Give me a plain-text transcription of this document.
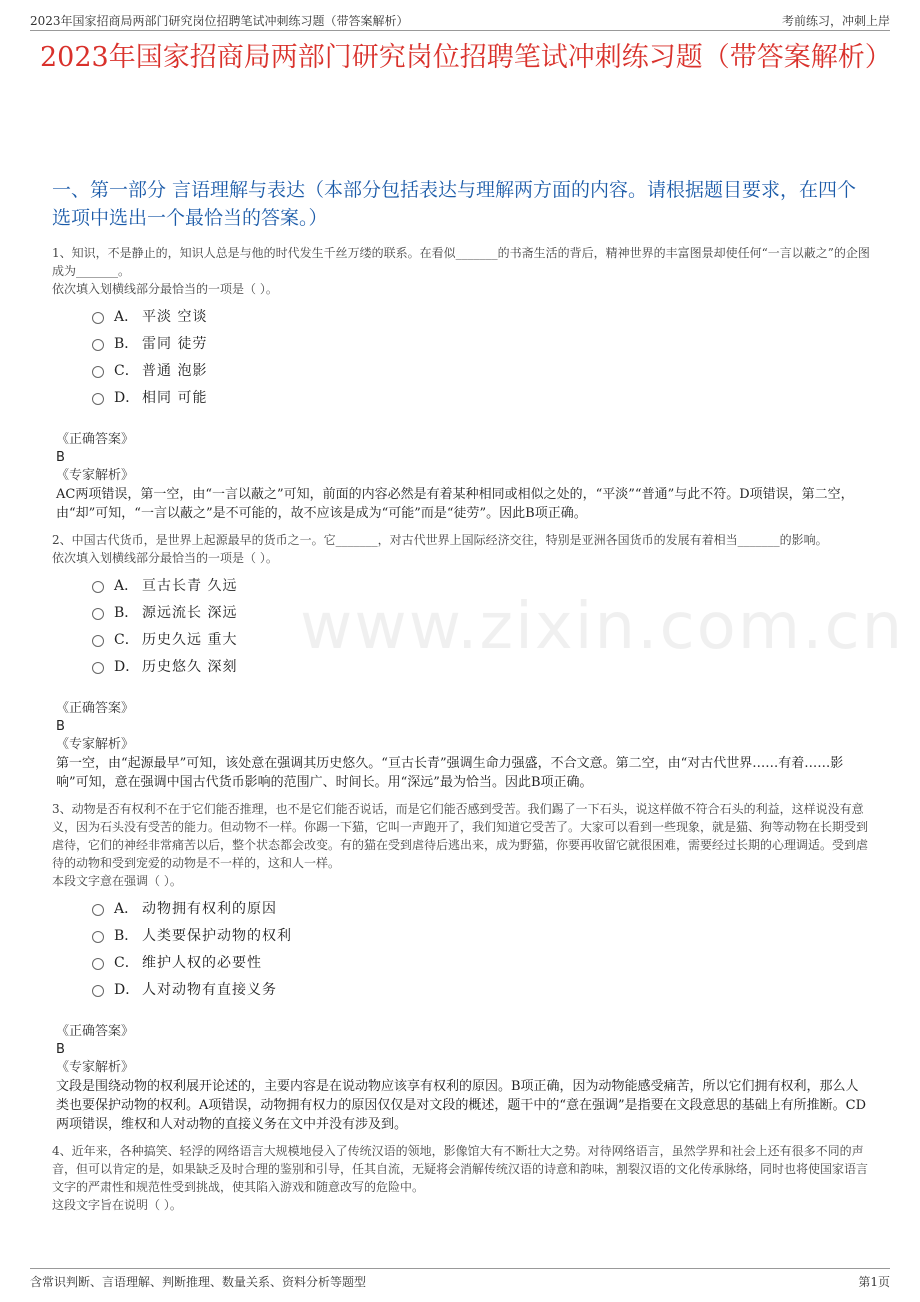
2023年国家招商局两部门研究岗位招聘笔试冲刺练习题（带答案解析）	考前练习，冲刺上岸
2023年国家招商局两部门研究岗位招聘笔试冲刺练习题（带答案解析）
一、第一部分 言语理解与表达（本部分包括表达与理解两方面的内容。请根据题目要求，在四个选项中选出一个最恰当的答案。）
www.zixin.com.cn

1、知识，不是静止的，知识人总是与他的时代发生千丝万缕的联系。在看似_______的书斋生活的背后，精神世界的丰富图景却使任何“一言以蔽之”的企图成为_______。

依次填入划横线部分最恰当的一项是（ ）。

A． 平淡 空谈
B． 雷同 徒劳
C． 普通 泡影
D． 相同 可能

《正确答案》

B

《专家解析》

AC两项错误，第一空，由“一言以蔽之”可知，前面的内容必然是有着某种相同或相似之处的，“平淡”“普通”与此不符。D项错误，第二空，由“却”可知，“一言以蔽之”是不可能的，故不应该是成为“可能”而是“徒劳”。因此B项正确。

2、中国古代货币，是世界上起源最早的货币之一。它_______，对古代世界上国际经济交往，特别是亚洲各国货币的发展有着相当_______的影响。

依次填入划横线部分最恰当的一项是（ ）。

A． 亘古长青 久远
B． 源远流长 深远
C． 历史久远 重大
D． 历史悠久 深刻

《正确答案》

B

《专家解析》

第一空，由“起源最早”可知，该处意在强调其历史悠久。“亘古长青”强调生命力强盛，不合文意。第二空，由“对古代世界……有着……影响”可知，意在强调中国古代货币影响的范围广、时间长。用“深远”最为恰当。因此B项正确。

3、动物是否有权利不在于它们能否推理，也不是它们能否说话，而是它们能否感到受苦。我们踢了一下石头，说这样做不符合石头的利益，这样说没有意义，因为石头没有受苦的能力。但动物不一样。你踢一下猫，它叫一声跑开了，我们知道它受苦了。大家可以看到一些现象，就是猫、狗等动物在长期受到虐待，它们的神经非常痛苦以后，整个状态都会改变。有的猫在受到虐待后逃出来，成为野猫，你要再收留它就很困难，需要经过长期的心理调适。受到虐待的动物和受到宠爱的动物是不一样的，这和人一样。

本段文字意在强调（ ）。

A． 动物拥有权利的原因
B． 人类要保护动物的权利
C． 维护人权的必要性
D． 人对动物有直接义务

《正确答案》

B

《专家解析》

文段是围绕动物的权利展开论述的，主要内容是在说动物应该享有权利的原因。B项正确，因为动物能感受痛苦，所以它们拥有权利，那么人类也要保护动物的权利。A项错误，动物拥有权力的原因仅仅是对文段的概述，题干中的“意在强调”是指要在文段意思的基础上有所推断。CD两项错误，维权和人对动物的直接义务在文中并没有涉及到。

4、近年来，各种搞笑、轻浮的网络语言大规模地侵入了传统汉语的领地，影像馆大有不断壮大之势。对待网络语言，虽然学界和社会上还有很多不同的声音，但可以肯定的是，如果缺乏及时合理的鉴别和引导，任其自流，无疑将会消解传统汉语的诗意和韵味，割裂汉语的文化传承脉络，同时也将使国家语言文字的严肃性和规范性受到挑战，使其陷入游戏和随意改写的危险中。

这段文字旨在说明（ ）。

含常识判断、言语理解、判断推理、数量关系、资料分析等题型	第1页
